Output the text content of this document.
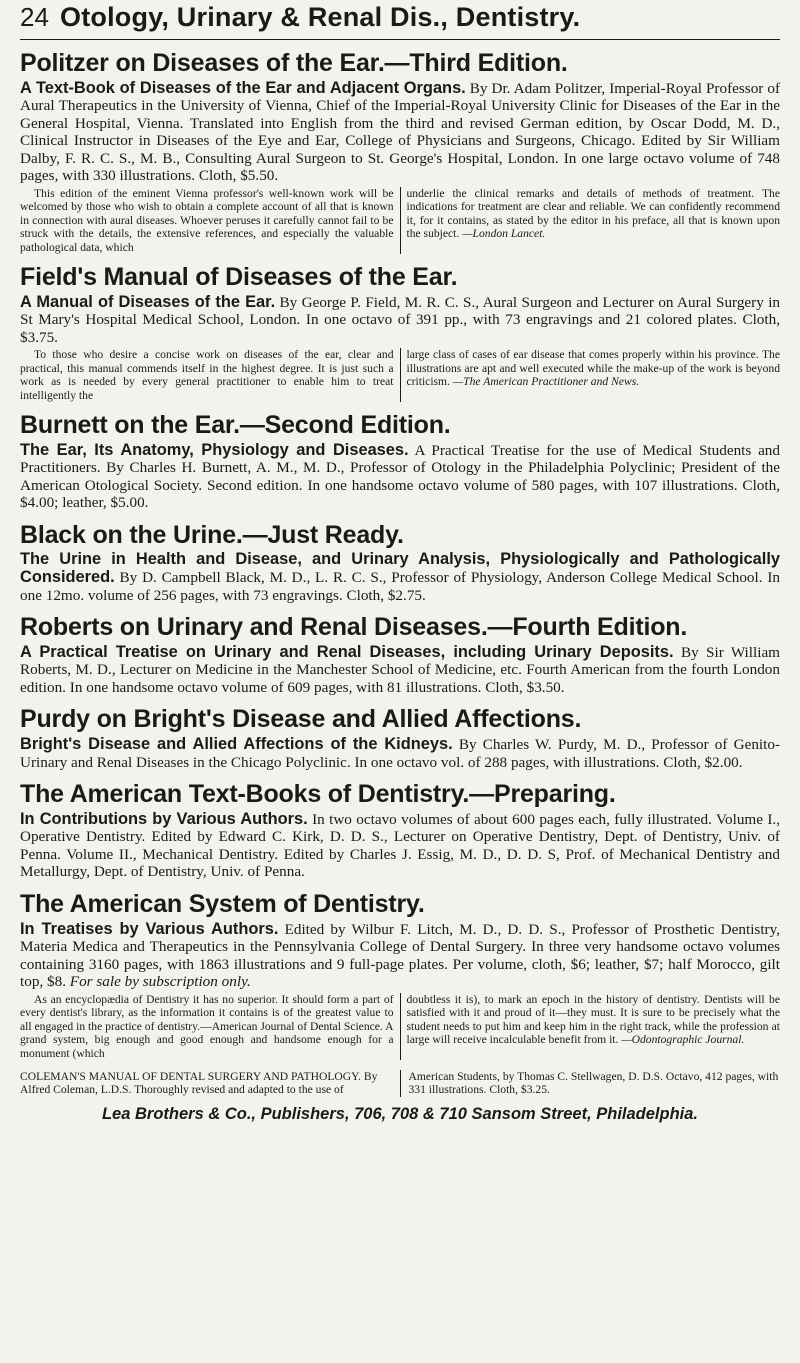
24 Otology, Urinary & Renal Dis., Dentistry.
Politzer on Diseases of the Ear.—Third Edition.

A Text-Book of Diseases of the Ear and Adjacent Organs. By Dr. Adam Politzer, Imperial-Royal Professor of Aural Therapeutics in the University of Vienna, Chief of the Imperial-Royal University Clinic for Diseases of the Ear in the General Hospital, Vienna. Translated into English from the third and revised German edition, by Oscar Dodd, M. D., Clinical Instructor in Diseases of the Eye and Ear, College of Physicians and Surgeons, Chicago. Edited by Sir William Dalby, F. R. C. S., M. B., Consulting Aural Surgeon to St. George's Hospital, London. In one large octavo volume of 748 pages, with 330 illustrations. Cloth, $5.50.

This edition of the eminent Vienna professor's well-known work will be welcomed by those who wish to obtain a complete account of all that is known in connection with aural diseases. Whoever peruses it carefully cannot fail to be struck with the details, the extensive references, and especially the valuable pathological data, which
underlie the clinical remarks and details of methods of treatment. The indications for treatment are clear and reliable. We can confidently recommend it, for it contains, as stated by the editor in his preface, all that is known upon the subject. —London Lancet.
Field's Manual of Diseases of the Ear.

A Manual of Diseases of the Ear. By George P. Field, M. R. C. S., Aural Surgeon and Lecturer on Aural Surgery in St Mary's Hospital Medical School, London. In one octavo of 391 pp., with 73 engravings and 21 colored plates. Cloth, $3.75.

To those who desire a concise work on diseases of the ear, clear and practical, this manual commends itself in the highest degree. It is just such a work as is needed by every general practitioner to enable him to treat intelligently the
large class of cases of ear disease that comes properly within his province. The illustrations are apt and well executed while the make-up of the work is beyond criticism. —The American Practitioner and News.
Burnett on the Ear.—Second Edition.

The Ear, Its Anatomy, Physiology and Diseases. A Practical Treatise for the use of Medical Students and Practitioners. By Charles H. Burnett, A. M., M. D., Professor of Otology in the Philadelphia Polyclinic; President of the American Otological Society. Second edition. In one handsome octavo volume of 580 pages, with 107 illustrations. Cloth, $4.00; leather, $5.00.

Black on the Urine.—Just Ready.

The Urine in Health and Disease, and Urinary Analysis, Physiologically and Pathologically Considered. By D. Campbell Black, M. D., L. R. C. S., Professor of Physiology, Anderson College Medical School. In one 12mo. volume of 256 pages, with 73 engravings. Cloth, $2.75.

Roberts on Urinary and Renal Diseases.—Fourth Edition.

A Practical Treatise on Urinary and Renal Diseases, including Urinary Deposits. By Sir William Roberts, M. D., Lecturer on Medicine in the Manchester School of Medicine, etc. Fourth American from the fourth London edition. In one handsome octavo volume of 609 pages, with 81 illustrations. Cloth, $3.50.

Purdy on Bright's Disease and Allied Affections.

Bright's Disease and Allied Affections of the Kidneys. By Charles W. Purdy, M. D., Professor of Genito-Urinary and Renal Diseases in the Chicago Polyclinic. In one octavo vol. of 288 pages, with illustrations. Cloth, $2.00.

The American Text-Books of Dentistry.—Preparing.

In Contributions by Various Authors. In two octavo volumes of about 600 pages each, fully illustrated. Volume I., Operative Dentistry. Edited by Edward C. Kirk, D. D. S., Lecturer on Operative Dentistry, Dept. of Dentistry, Univ. of Penna. Volume II., Mechanical Dentistry. Edited by Charles J. Essig, M. D., D. D. S, Prof. of Mechanical Dentistry and Metallurgy, Dept. of Dentistry, Univ. of Penna.

The American System of Dentistry.

In Treatises by Various Authors. Edited by Wilbur F. Litch, M. D., D. D. S., Professor of Prosthetic Dentistry, Materia Medica and Therapeutics in the Pennsylvania College of Dental Surgery. In three very handsome octavo volumes containing 3160 pages, with 1863 illustrations and 9 full-page plates. Per volume, cloth, $6; leather, $7; half Morocco, gilt top, $8. For sale by subscription only.

As an encyclopædia of Dentistry it has no superior. It should form a part of every dentist's library, as the information it contains is of the greatest value to all engaged in the practice of dentistry.—American Journal of Dental Science. A grand system, big enough and good enough and handsome enough for a monument (which
doubtless it is), to mark an epoch in the history of dentistry. Dentists will be satisfied with it and proud of it—they must. It is sure to be precisely what the student needs to put him and keep him in the right track, while the profession at large will receive incalculable benefit from it. —Odontographic Journal.
COLEMAN'S MANUAL OF DENTAL SURGERY AND PATHOLOGY. By Alfred Coleman, L.D.S. Thoroughly revised and adapted to the use of
American Students, by Thomas C. Stellwagen, D. D.S. Octavo, 412 pages, with 331 illustrations. Cloth, $3.25.
Lea Brothers & Co., Publishers, 706, 708 & 710 Sansom Street, Philadelphia.
